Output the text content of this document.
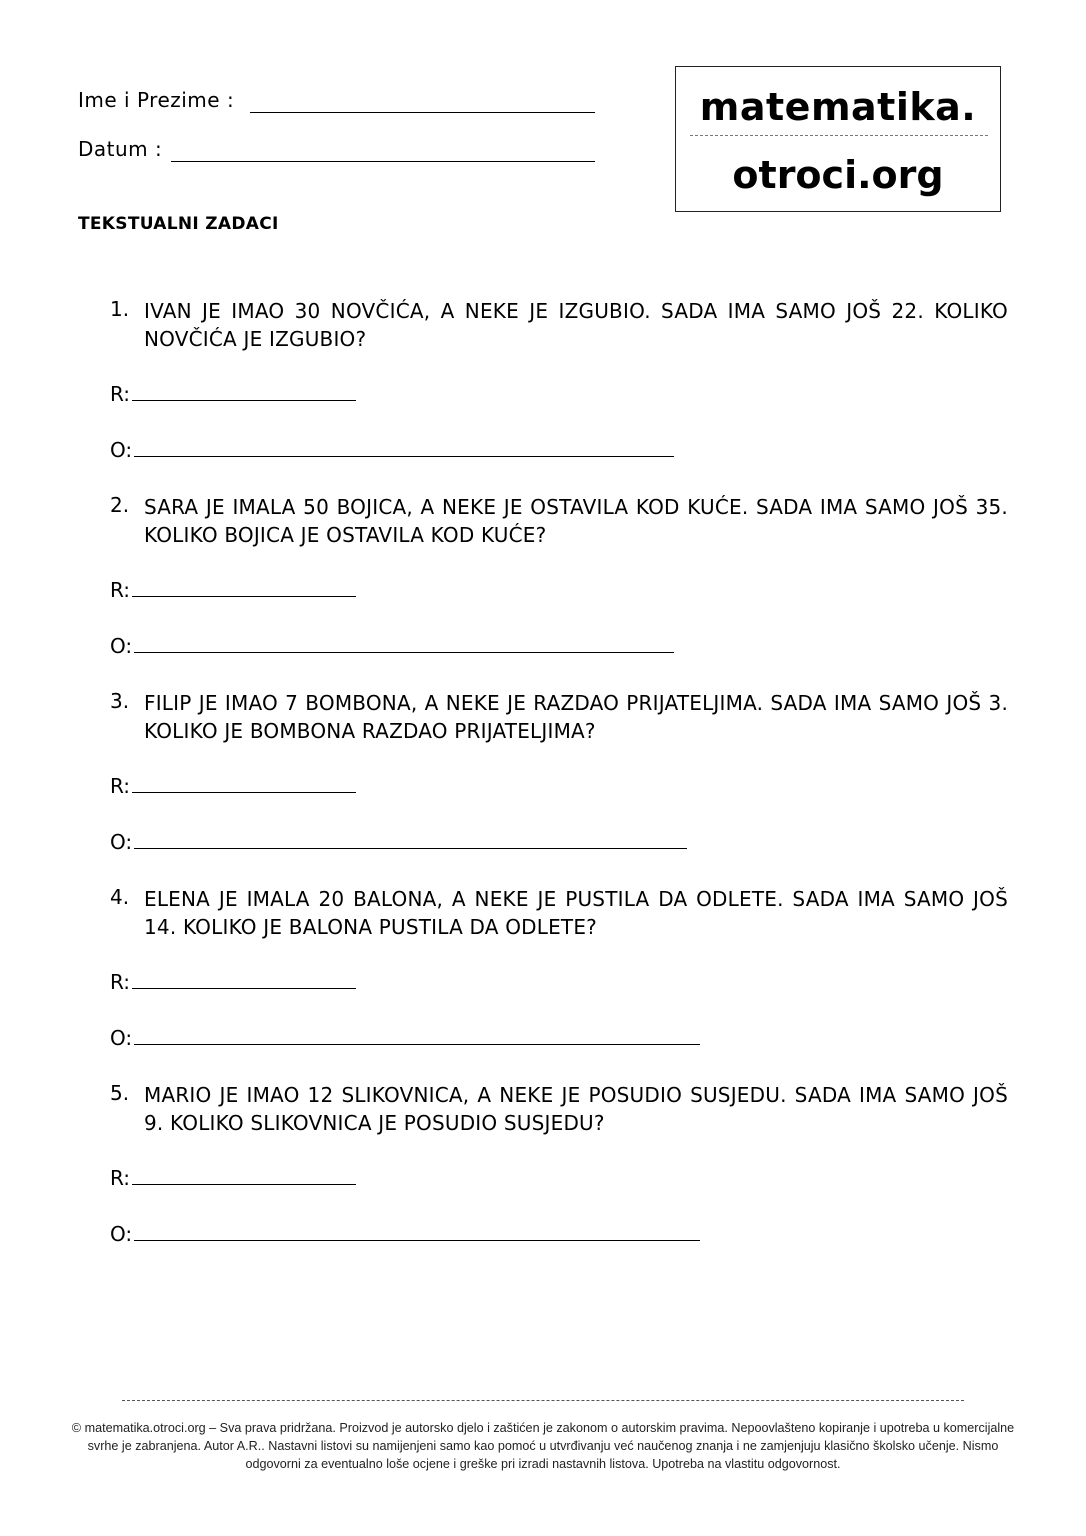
Ime i Prezime :
Datum :
matematika.
otroci.org
TEKSTUALNI ZADACI
1. IVAN JE IMAO 30 NOVČIĆA, A NEKE JE IZGUBIO. SADA IMA SAMO JOŠ 22. KOLIKO NOVČIĆA JE IZGUBIO?
R:
O:
2. SARA JE IMALA 50 BOJICA, A NEKE JE OSTAVILA KOD KUĆE. SADA IMA SAMO JOŠ 35. KOLIKO BOJICA JE OSTAVILA KOD KUĆE?
R:
O:
3. FILIP JE IMAO 7 BOMBONA, A NEKE JE RAZDAO PRIJATELJIMA. SADA IMA SAMO JOŠ 3. KOLIKO JE BOMBONA RAZDAO PRIJATELJIMA?
R:
O:
4. ELENA JE IMALA 20 BALONA, A NEKE JE PUSTILA DA ODLETE. SADA IMA SAMO JOŠ 14. KOLIKO JE BALONA PUSTILA DA ODLETE?
R:
O:
5. MARIO JE IMAO 12 SLIKOVNICA, A NEKE JE POSUDIO SUSJEDU. SADA IMA SAMO JOŠ 9. KOLIKO SLIKOVNICA JE POSUDIO SUSJEDU?
R:
O:
© matematika.otroci.org – Sva prava pridržana. Proizvod je autorsko djelo i zaštićen je zakonom o autorskim pravima. Nepoovlašteno kopiranje i upotreba u komercijalne svrhe je zabranjena. Autor A.R.. Nastavni listovi su namijenjeni samo kao pomoć u utvrđivanju već naučenog znanja i ne zamjenjuju klasično školsko učenje. Nismo odgovorni za eventualno loše ocjene i greške pri izradi nastavnih listova. Upotreba na vlastitu odgovornost.
